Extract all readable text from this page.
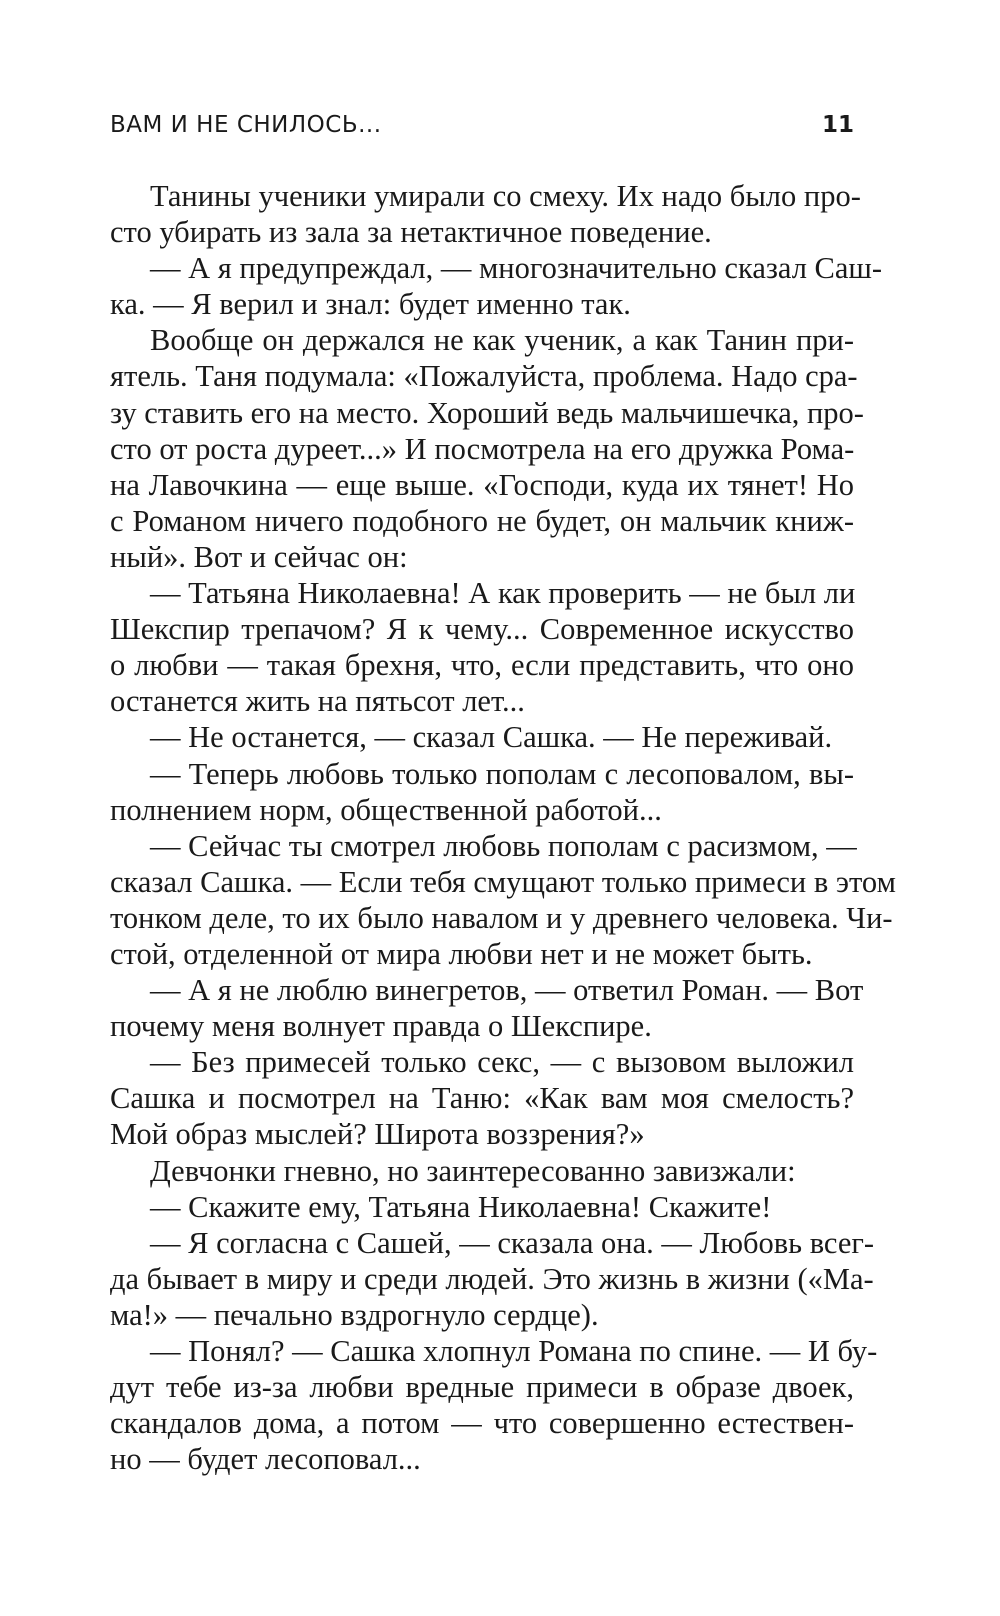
ВАМ И НЕ СНИЛОСЬ...	11
Танины ученики умирали со смеху. Их надо было про-
сто убирать из зала за нетактичное поведение.
— А я предупреждал, — многозначительно сказал Саш-
ка. — Я верил и знал: будет именно так.
Вообще он держался не как ученик, а как Танин при-
ятель. Таня подумала: «Пожалуйста, проблема. Надо сра-
зу ставить его на место. Хороший ведь мальчишечка, про-
сто от роста дуреет...» И посмотрела на его дружка Рома-
на Лавочкина — еще выше. «Господи, куда их тянет! Но
с Романом ничего подобного не будет, он мальчик книж-
ный». Вот и сейчас он:
— Татьяна Николаевна! А как проверить — не был ли
Шекспир трепачом? Я к чему... Современное искусство
о любви — такая брехня, что, если представить, что оно
останется жить на пятьсот лет...
— Не останется, — сказал Сашка. — Не переживай.
— Теперь любовь только пополам с лесоповалом, вы-
полнением норм, общественной работой...
— Сейчас ты смотрел любовь пополам с расизмом, —
сказал Сашка. — Если тебя смущают только примеси в этом
тонком деле, то их было навалом и у древнего человека. Чи-
стой, отделенной от мира любви нет и не может быть.
— А я не люблю винегретов, — ответил Роман. — Вот
почему меня волнует правда о Шекспире.
— Без примесей только секс, — с вызовом выложил
Сашка и посмотрел на Таню: «Как вам моя смелость?
Мой образ мыслей? Широта воззрения?»
Девчонки гневно, но заинтересованно завизжали:
— Скажите ему, Татьяна Николаевна! Скажите!
— Я согласна с Сашей, — сказала она. — Любовь всег-
да бывает в миру и среди людей. Это жизнь в жизни («Ма-
ма!» — печально вздрогнуло сердце).
— Понял? — Сашка хлопнул Романа по спине. — И бу-
дут тебе из-за любви вредные примеси в образе двоек,
скандалов дома, а потом — что совершенно естествен-
но — будет лесоповал...
